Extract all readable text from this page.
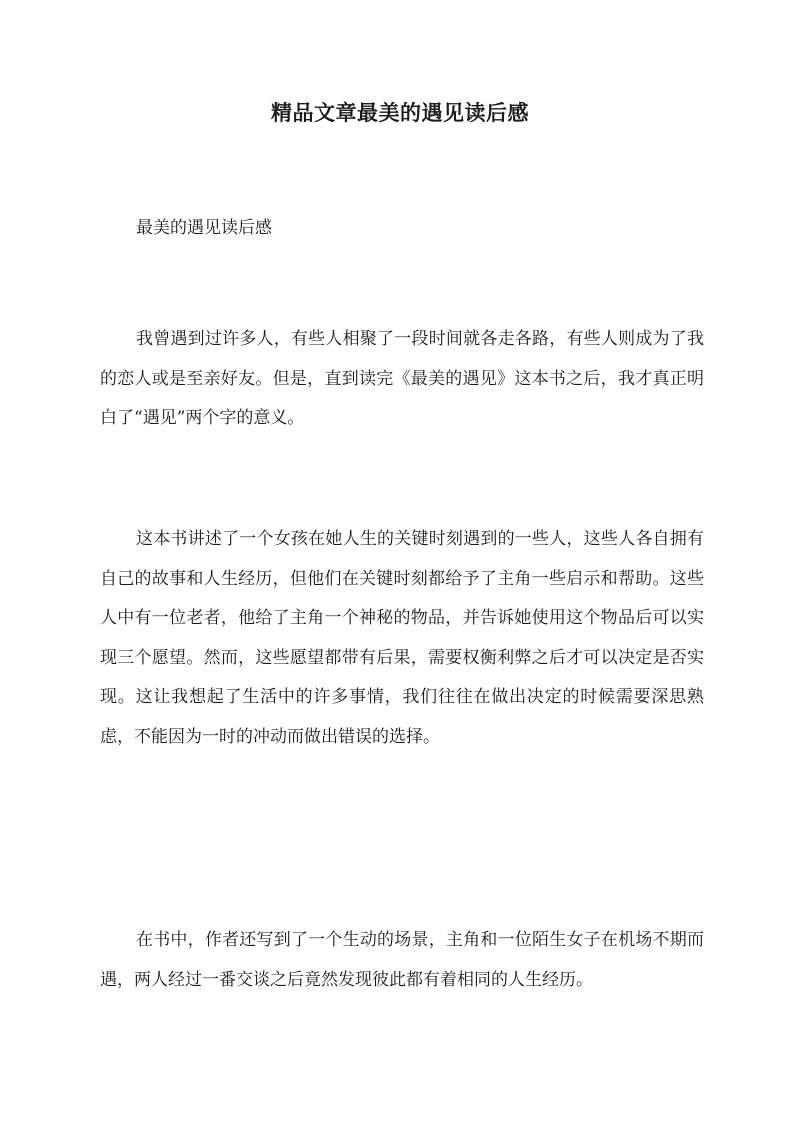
精品文章最美的遇见读后感

最美的遇见读后感

我曾遇到过许多人，有些人相聚了一段时间就各走各路，有些人则成为了我的恋人或是至亲好友。但是，直到读完《最美的遇见》这本书之后，我才真正明白了“遇见”两个字的意义。

这本书讲述了一个女孩在她人生的关键时刻遇到的一些人，这些人各自拥有自己的故事和人生经历，但他们在关键时刻都给予了主角一些启示和帮助。这些人中有一位老者，他给了主角一个神秘的物品，并告诉她使用这个物品后可以实现三个愿望。然而，这些愿望都带有后果，需要权衡利弊之后才可以决定是否实现。这让我想起了生活中的许多事情，我们往往在做出决定的时候需要深思熟虑，不能因为一时的冲动而做出错误的选择。

在书中，作者还写到了一个生动的场景，主角和一位陌生女子在机场不期而遇，两人经过一番交谈之后竟然发现彼此都有着相同的人生经历。
